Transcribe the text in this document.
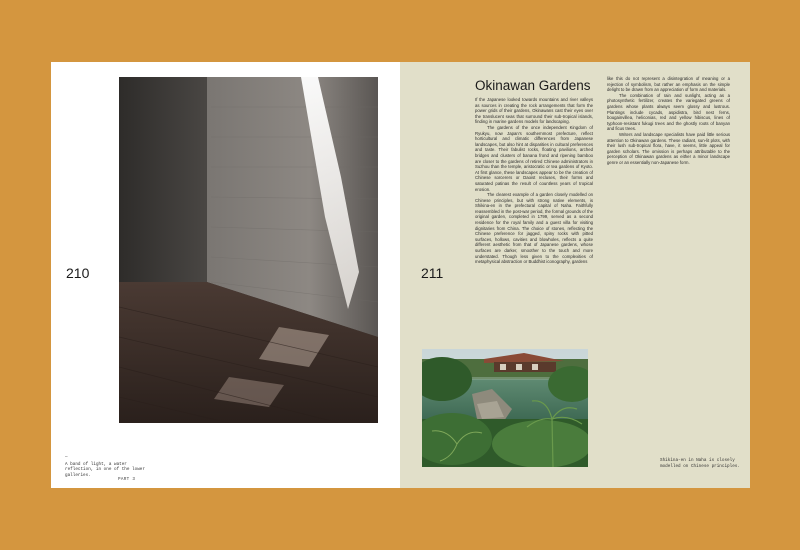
210
—
A band of light, a water reflection, in one of the lower galleries.
PART 3
211
Okinawan Gardens

If the Japanese looked towards mountains and river valleys as sources in creating the rock arrangements that form the power grids of their gardens, Okinawans cast their eyes over the translucent seas that surround their sub-tropical islands, finding in marine gardens models for landscaping.

The gardens of the once independent Kingdom of Ryukyu, now Japan's southernmost prefecture, reflect horticultural and climatic differences from Japanese landscapes, but also hint at disparities in cultural preferences and taste. Their fabulist rocks, floating pavilions, arched bridges and clusters of banana frond and ripening bamboo are closer to the gardens of retired Chinese administrators in Suzhou than the temple, aristocratic or tea gardens of Kyoto. At first glance, these landscapes appear to be the creation of Chinese sorcerers or Daoist recluses, their forms and saturated patinas the result of countless years of tropical erosion.

The clearest example of a garden closely modelled on Chinese principles, but with strong native elements, is Shikina-en in the prefectural capital of Naha. Faithfully reassembled in the post-war period, the formal grounds of the original garden, completed in 1799, served as a second residence for the royal family and a guest villa for visiting dignitaries from China. The choice of stones, reflecting the Chinese preference for jagged, spiny rocks with pitted surfaces, hollows, cavities and blowholes, reflects a quite different aesthetic from that of Japanese gardens, whose surfaces are darker, smoother to the touch and more understated. Though less given to the complexities of metaphysical abstraction or Buddhist iconography, gardens

like this do not represent a disintegration of meaning or a rejection of symbolism, but rather an emphasis on the simple delight to be drawn from an appreciation of form and materials.

The combination of rain and sunlight, acting as a photosynthetic fertilizer, creates the variegated greens of gardens whose plants always seem glossy and lustrous. Plantings include cycads, aspidistra, bird nest ferns, bougainvillea, heliconias, red and yellow hibiscus, lines of typhoon-resistant fukugi trees and the ghostly roots of banyan and ficus trees.

Writers and landscape specialists have paid little serious attention to Okinawan gardens. These radiant, sun-lit plots, with their lush sub-tropical flora, have, it seems, little appeal for garden scholars. The omission is perhaps attributable to the perception of Okinawan gardens as either a minor landscape genre or an essentially non-Japanese form.

Shikina-en in Naha is closely modelled on Chinese principles.
